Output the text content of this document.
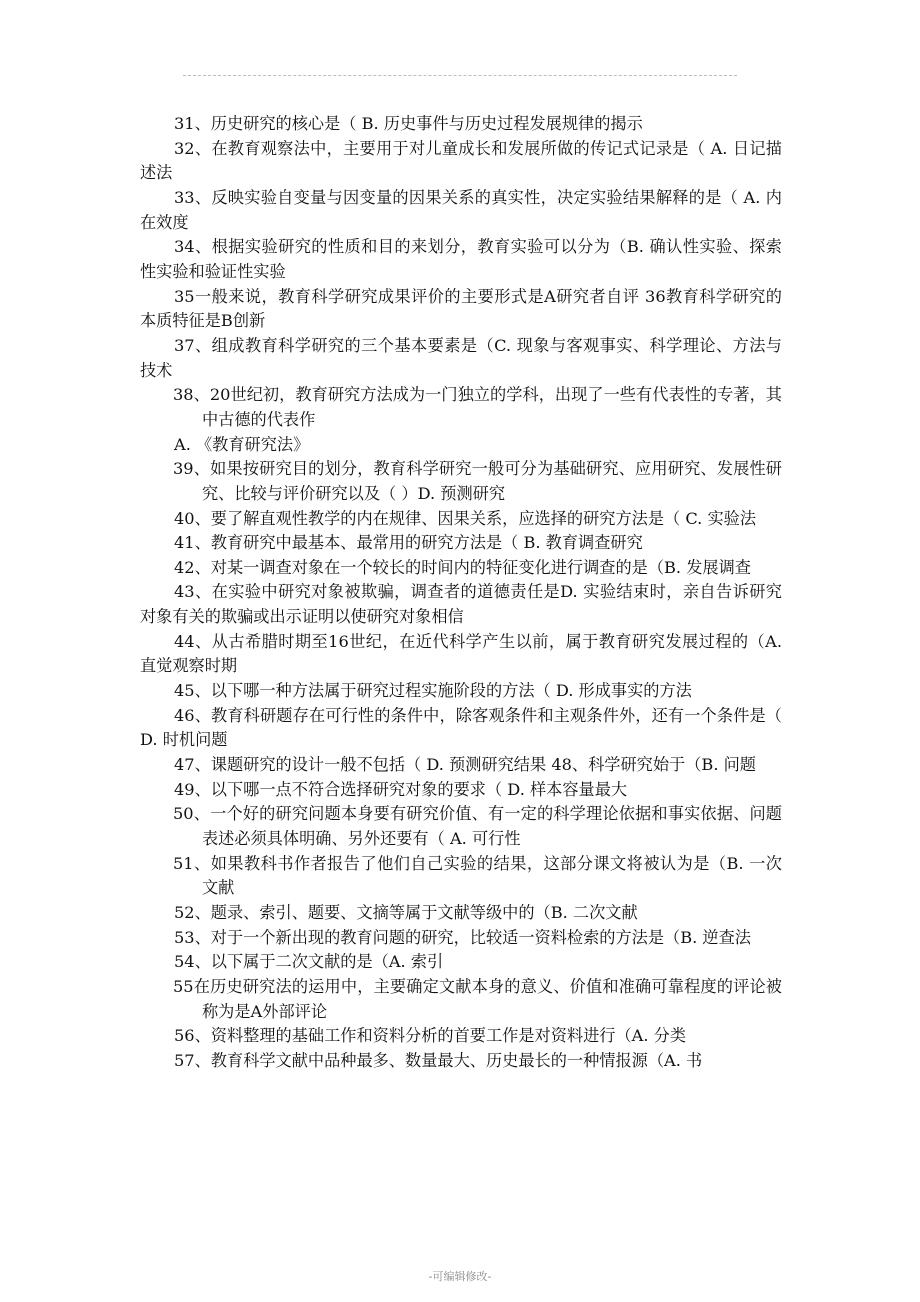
31、历史研究的核心是（ B. 历史事件与历史过程发展规律的揭示

32、在教育观察法中，主要用于对儿童成长和发展所做的传记式记录是（ A. 日记描述法

33、反映实验自变量与因变量的因果关系的真实性，决定实验结果解释的是（ A. 内在效度

34、根据实验研究的性质和目的来划分，教育实验可以分为（B. 确认性实验、探索性实验和验证性实验

35一般来说，教育科学研究成果评价的主要形式是A研究者自评 36教育科学研究的本质特征是B创新

37、组成教育科学研究的三个基本要素是（C. 现象与客观事实、科学理论、方法与技术

38、20世纪初，教育研究方法成为一门独立的学科，出现了一些有代表性的专著，其中古德的代表作

A. 《教育研究法》

39、如果按研究目的划分，教育科学研究一般可分为基础研究、应用研究、发展性研究、比较与评价研究以及（ ）D. 预测研究

40、要了解直观性教学的内在规律、因果关系，应选择的研究方法是（ C. 实验法

41、教育研究中最基本、最常用的研究方法是（ B. 教育调查研究

42、对某一调查对象在一个较长的时间内的特征变化进行调查的是（B. 发展调查

43、在实验中研究对象被欺骗，调查者的道德责任是D. 实验结束时，亲自告诉研究对象有关的欺骗或出示证明以使研究对象相信

44、从古希腊时期至16世纪，在近代科学产生以前，属于教育研究发展过程的（A. 直觉观察时期

45、以下哪一种方法属于研究过程实施阶段的方法（ D. 形成事实的方法

46、教育科研题存在可行性的条件中，除客观条件和主观条件外，还有一个条件是（ D. 时机问题

47、课题研究的设计一般不包括（ D. 预测研究结果 48、科学研究始于（B. 问题

49、以下哪一点不符合选择研究对象的要求（ D. 样本容量最大

50、一个好的研究问题本身要有研究价值、有一定的科学理论依据和事实依据、问题表述必须具体明确、另外还要有（ A. 可行性

51、如果教科书作者报告了他们自己实验的结果，这部分课文将被认为是（B. 一次文献

52、题录、索引、题要、文摘等属于文献等级中的（B. 二次文献

53、对于一个新出现的教育问题的研究，比较适一资料检索的方法是（B. 逆查法

54、以下属于二次文献的是（A. 索引

55在历史研究法的运用中，主要确定文献本身的意义、价值和准确可靠程度的评论被称为是A外部评论

56、资料整理的基础工作和资料分析的首要工作是对资料进行（A. 分类

57、教育科学文献中品种最多、数量最大、历史最长的一种情报源（A. 书

-可编辑修改-
